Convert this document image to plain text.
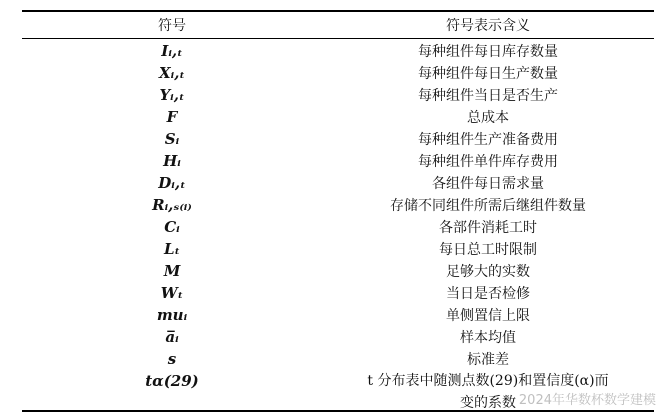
符号	符号表示含义
Iᵢ,ₜ	每种组件每日库存数量
Xᵢ,ₜ	每种组件每日生产数量
Yᵢ,ₜ	每种组件当日是否生产
F	总成本
Sᵢ	每种组件生产准备费用
Hᵢ	每种组件单件库存费用
Dᵢ,ₜ	各组件每日需求量
Rᵢ,ₛ₍ᵢ₎	存储不同组件所需后继组件数量
Cᵢ	各部件消耗工时
Lₜ	每日总工时限制
M	足够大的实数
Wₜ	当日是否检修
muᵢ	单侧置信上限
a̅ᵢ	样本均值
s	标准差
tα(29)	t 分布表中随测点数(29)和置信度(α)而
变的系数 2024年华数杯数学建模
